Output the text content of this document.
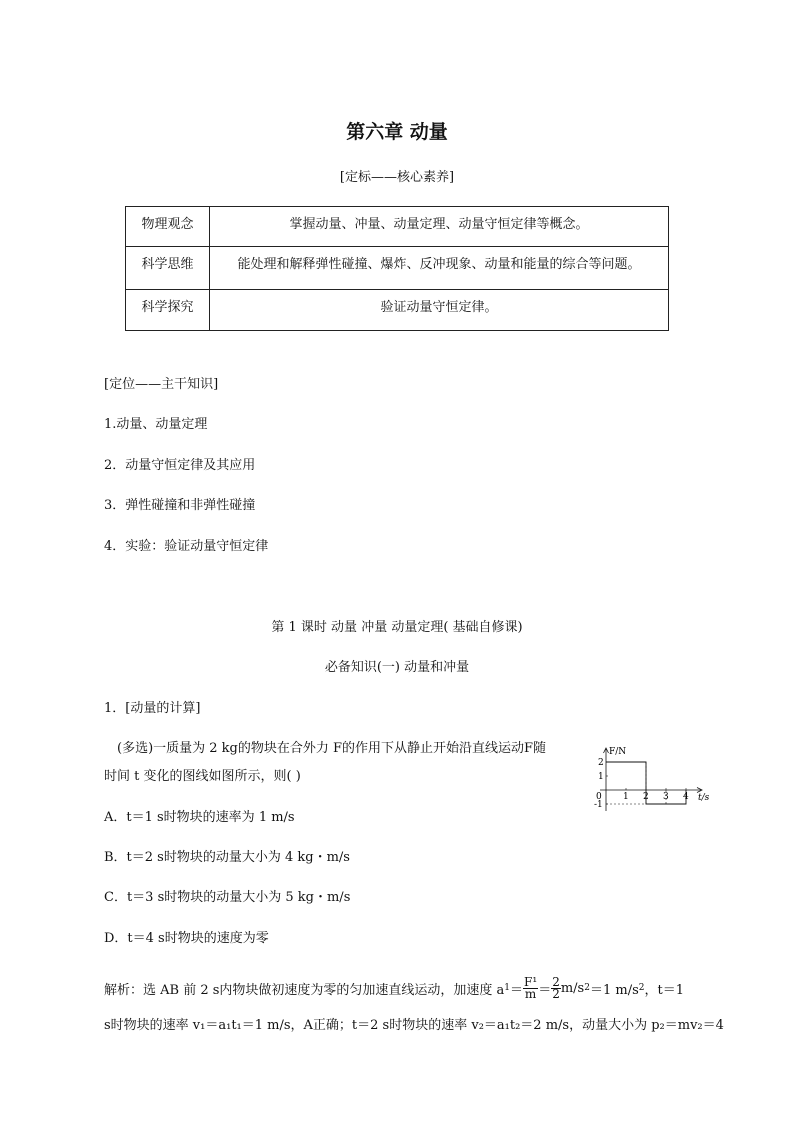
第六章 动量
[定标——核心素养]
物理观念	掌握动量、冲量、动量定理、动量守恒定律等概念。
科学思维	能处理和解释弹性碰撞、爆炸、反冲现象、动量和能量的综合等问题。
科学探究	验证动量守恒定律。
[定位——主干知识]
1.动量、动量定理
2．动量守恒定律及其应用
3．弹性碰撞和非弹性碰撞
4．实验：验证动量守恒定律
第 1 课时 动量 冲量 动量定理( 基础自修课)
必备知识(一) 动量和冲量
1．[动量的计算]
(多选)一质量为 2 kg的物块在合外力 F的作用下从静止开始沿直线运动F随
时间 t 变化的图线如图所示，则( )
A．t＝1 s时物块的速率为 1 m/s
B．t＝2 s时物块的动量大小为 4 kg・m/s
C．t＝3 s时物块的动量大小为 5 kg・m/s
D．t＝4 s时物块的速度为零
F/N
t/s
0 1 2 3 4
2
1
-1
解析：选 AB 前 2 s内物块做初速度为零的匀加速直线运动，加速度 a $1 = \frac{\text{F¹}}{m} = \frac{2}{2} m/s$ 2 ＝1 m/s 2 ，t＝1
s时物块的速率 v₁＝a₁t₁＝1 m/s，A正确；t＝2 s时物块的速率 v₂＝a₁t₂＝2 m/s，动量大小为 p₂＝mv₂＝4
